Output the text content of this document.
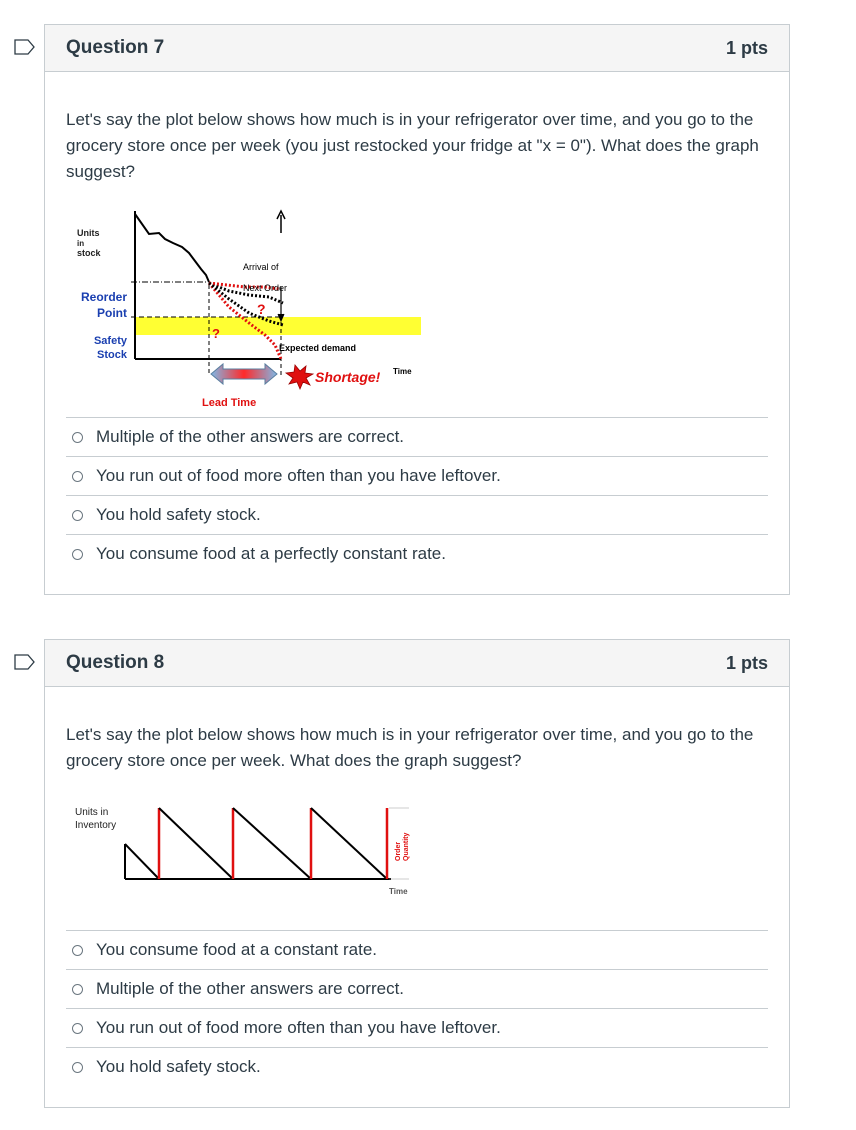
Question 7	1 pts
Let's say the plot below shows how much is in your refrigerator over time, and you go to the grocery store once per week (you just restocked your fridge at "x = 0"). What does the graph suggest?
Units
in
stock
Arrival of
Next Order
Reorder
Point
Safety
Stock
?
?
Expected demand
Shortage! Time
Lead Time
Multiple of the other answers are correct.
You run out of food more often than you have leftover.
You hold safety stock.
You consume food at a perfectly constant rate.
Question 8	1 pts
Let's say the plot below shows how much is in your refrigerator over time, and you go to the grocery store once per week. What does the graph suggest?
Units in
Inventory
Order Quantity
Time
You consume food at a constant rate.
Multiple of the other answers are correct.
You run out of food more often than you have leftover.
You hold safety stock.
